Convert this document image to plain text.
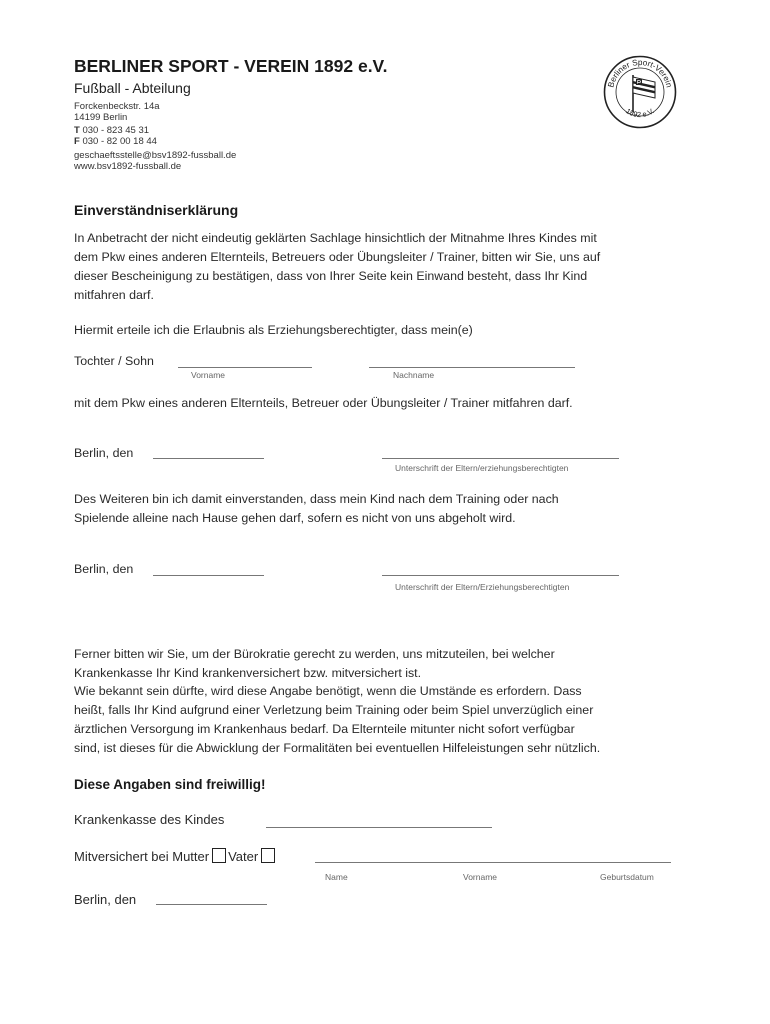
BERLINER SPORT - VEREIN 1892 e.V.
Fußball - Abteilung
Forckenbeckstr. 14a
14199 Berlin
T 030 - 823 45 31
F 030 - 82 00 18 44
geschaeftsstelle@bsv1892-fussball.de
www.bsv1892-fussball.de
Berliner Sport-Verein
1892 e.V.
Einverständniserklärung
In Anbetracht der nicht eindeutig geklärten Sachlage hinsichtlich der Mitnahme Ihres Kindes mit
dem Pkw eines anderen Elternteils, Betreuers oder Übungsleiter / Trainer, bitten wir Sie, uns auf
dieser Bescheinigung zu bestätigen, dass von Ihrer Seite kein Einwand besteht, dass Ihr Kind
mitfahren darf.
Hiermit erteile ich die Erlaubnis als Erziehungsberechtigter, dass mein(e)
Tochter / Sohn
Vorname	Nachname
mit dem Pkw eines anderen Elternteils, Betreuer oder Übungsleiter / Trainer mitfahren darf.
Berlin, den
Unterschrift der Eltern/erziehungsberechtigten
Des Weiteren bin ich damit einverstanden, dass mein Kind nach dem Training oder nach
Spielende alleine nach Hause gehen darf, sofern es nicht von uns abgeholt wird.
Berlin, den
Unterschrift der Eltern/Erziehungsberechtigten
Ferner bitten wir Sie, um der Bürokratie gerecht zu werden, uns mitzuteilen, bei welcher
Krankenkasse Ihr Kind krankenversichert bzw. mitversichert ist.
Wie bekannt sein dürfte, wird diese Angabe benötigt, wenn die Umstände es erfordern. Dass
heißt, falls Ihr Kind aufgrund einer Verletzung beim Training oder beim Spiel unverzüglich einer
ärztlichen Versorgung im Krankenhaus bedarf. Da Elternteile mitunter nicht sofort verfügbar
sind, ist dieses für die Abwicklung der Formalitäten bei eventuellen Hilfeleistungen sehr nützlich.
Diese Angaben sind freiwillig!
Krankenkasse des Kindes
Mitversichert bei Mutter Vater
Name	Vorname	Geburtsdatum
Berlin, den
